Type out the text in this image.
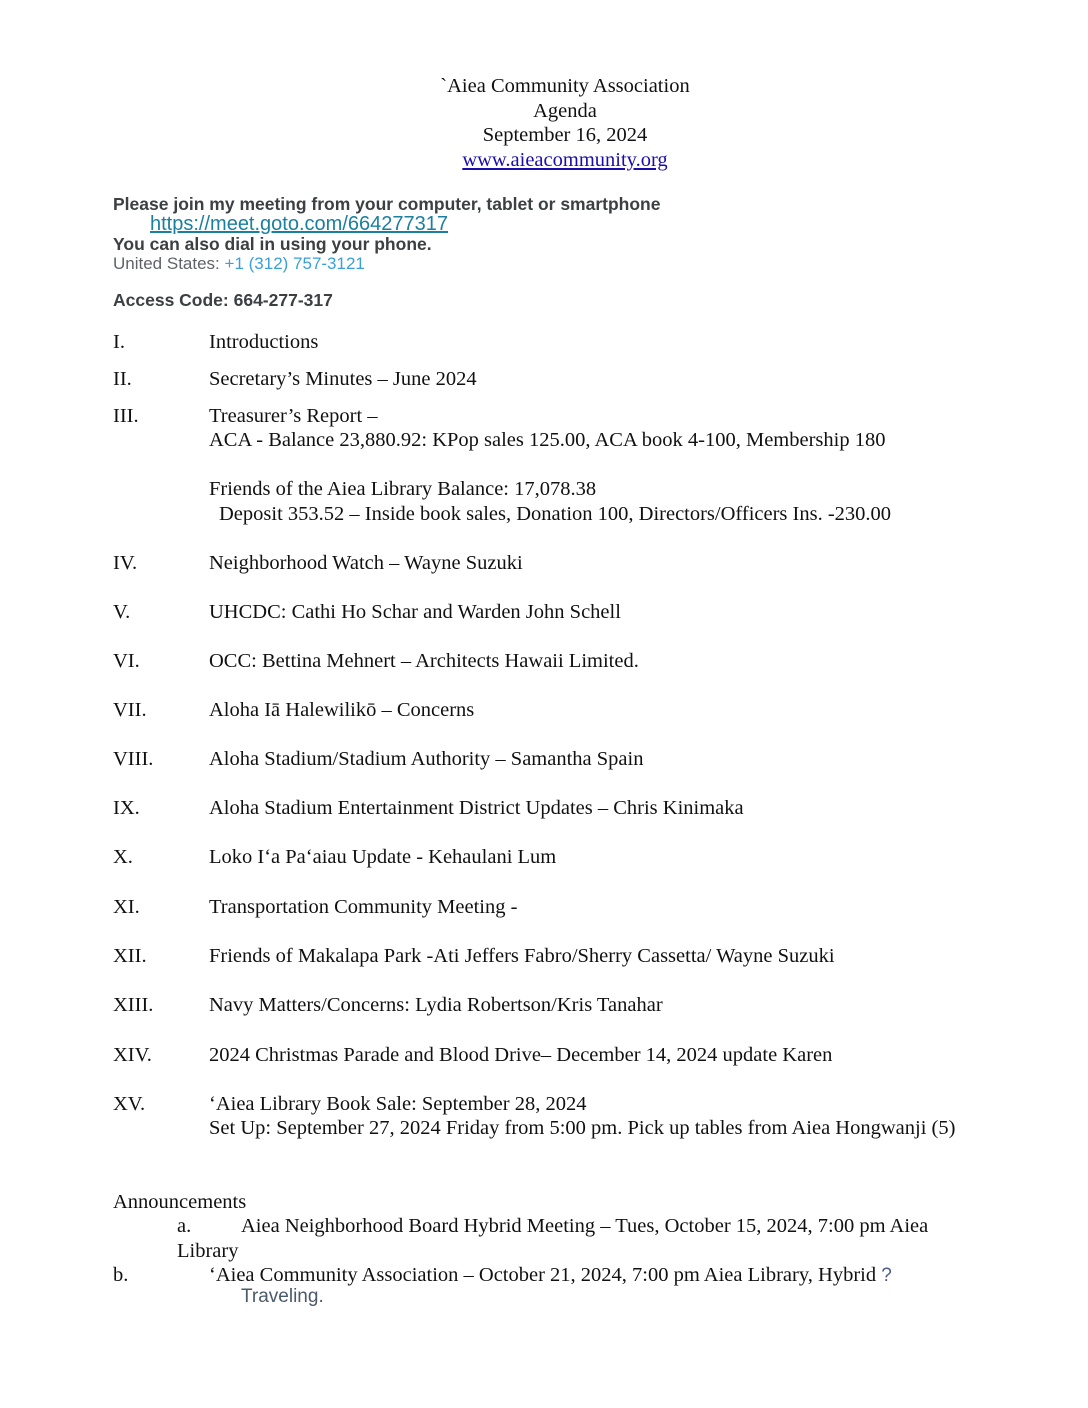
`Aiea Community Association
Agenda
September 16, 2024
www.aieacommunity.org
Please join my meeting from your computer, tablet or smartphone
https://meet.goto.com/664277317
You can also dial in using your phone.
United States: +1 (312) 757-3121
Access Code: 664-277-317
I.	Introductions
II.	Secretary’s Minutes – June 2024
III.	Treasurer’s Report –
ACA - Balance 23,880.92: KPop sales 125.00, ACA book 4-100, Membership 180
Friends of the Aiea Library Balance: 17,078.38
Deposit 353.52 – Inside book sales, Donation 100, Directors/Officers Ins. -230.00
IV.	Neighborhood Watch – Wayne Suzuki
V.	UHCDC: Cathi Ho Schar and Warden John Schell
VI.	OCC: Bettina Mehnert – Architects Hawaii Limited.
VII.	Aloha Iā Halewilikō – Concerns
VIII.	Aloha Stadium/Stadium Authority – Samantha Spain
IX.	Aloha Stadium Entertainment District Updates – Chris Kinimaka
X.	Loko Iʻa Paʻaiau Update - Kehaulani Lum
XI.	Transportation Community Meeting -
XII.	Friends of Makalapa Park -Ati Jeffers Fabro/Sherry Cassetta/ Wayne Suzuki
XIII.	Navy Matters/Concerns: Lydia Robertson/Kris Tanahar
XIV.	2024 Christmas Parade and Blood Drive– December 14, 2024 update Karen
XV.	‘Aiea Library Book Sale: September 28, 2024
Set Up: September 27, 2024 Friday from 5:00 pm. Pick up tables from Aiea Hongwanji (5)
Announcements
a. Aiea Neighborhood Board Hybrid Meeting – Tues, October 15, 2024, 7:00 pm Aiea
Library
b.	‘Aiea Community Association – October 21, 2024, 7:00 pm Aiea Library, Hybrid ?
Traveling.
